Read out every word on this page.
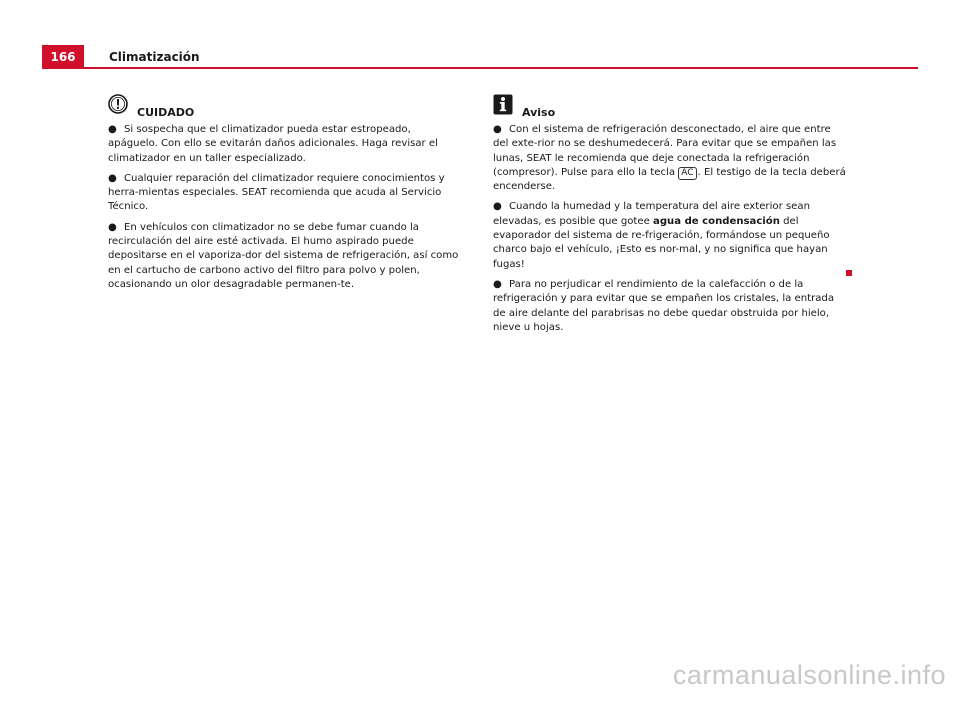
166	Climatización
CUIDADO

● Si sospecha que el climatizador pueda estar estropeado, apáguelo. Con ello se evitarán daños adicionales. Haga revisar el climatizador en un taller especializado.

● Cualquier reparación del climatizador requiere conocimientos y herra-mientas especiales. SEAT recomienda que acuda al Servicio Técnico.

● En vehículos con climatizador no se debe fumar cuando la recirculación del aire esté activada. El humo aspirado puede depositarse en el vaporiza-dor del sistema de refrigeración, así como en el cartucho de carbono activo del filtro para polvo y polen, ocasionando un olor desagradable permanen-te.

Aviso

● Con el sistema de refrigeración desconectado, el aire que entre del exte-rior no se deshumedecerá. Para evitar que se empañen las lunas, SEAT le recomienda que deje conectada la refrigeración (compresor). Pulse para ello la tecla AC . El testigo de la tecla deberá encenderse.

● Cuando la humedad y la temperatura del aire exterior sean elevadas, es posible que gotee agua de condensación del evaporador del sistema de re-frigeración, formándose un pequeño charco bajo el vehículo, ¡Esto es nor-mal, y no significa que hayan fugas!

● Para no perjudicar el rendimiento de la calefacción o de la refrigeración y para evitar que se empañen los cristales, la entrada de aire delante del parabrisas no debe quedar obstruida por hielo, nieve u hojas.

carmanualsonline.info
